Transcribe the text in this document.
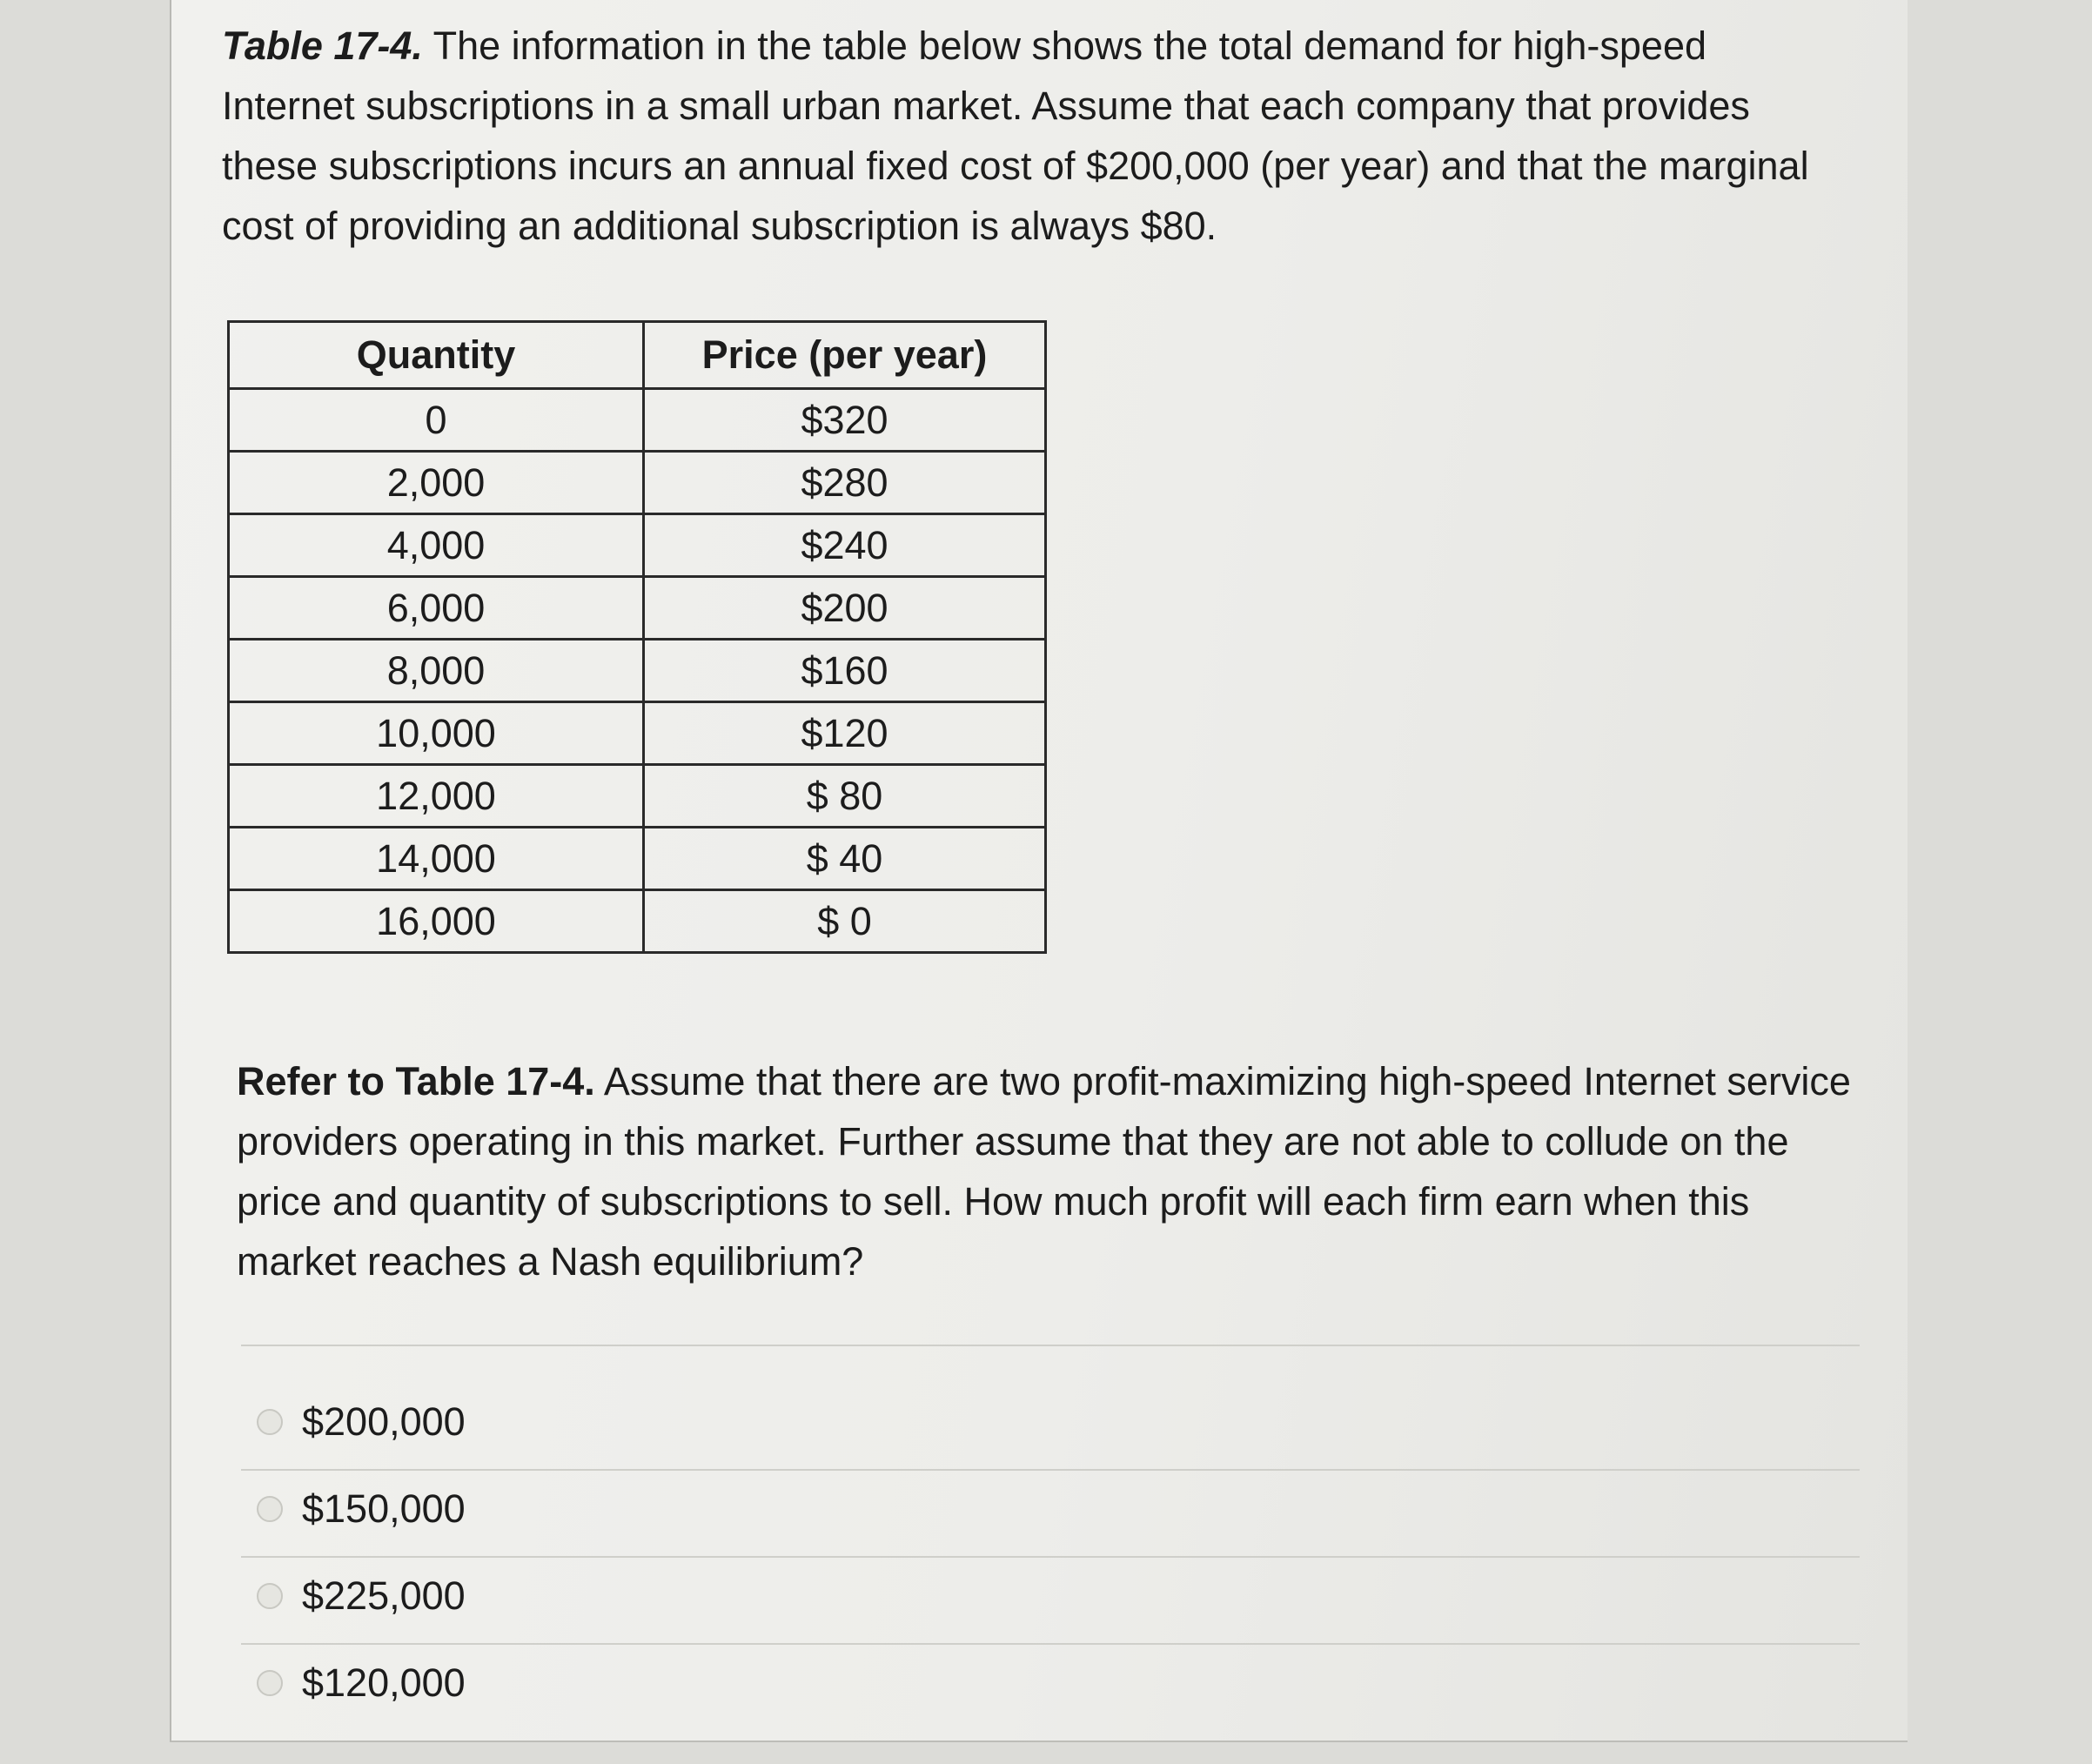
Table 17-4. The information in the table below shows the total demand for high-speed Internet subscriptions in a small urban market. Assume that each company that provides these subscriptions incurs an annual fixed cost of $200,000 (per year) and that the marginal cost of providing an additional subscription is always $80.

Quantity	Price (per year)
0	$320
2,000	$280
4,000	$240
6,000	$200
8,000	$160
10,000	$120
12,000	$ 80
14,000	$ 40
16,000	$ 0

Refer to Table 17-4. Assume that there are two profit-maximizing high-speed Internet service providers operating in this market. Further assume that they are not able to collude on the price and quantity of subscriptions to sell. How much profit will each firm earn when this market reaches a Nash equilibrium?

$200,000
$150,000
$225,000
$120,000
